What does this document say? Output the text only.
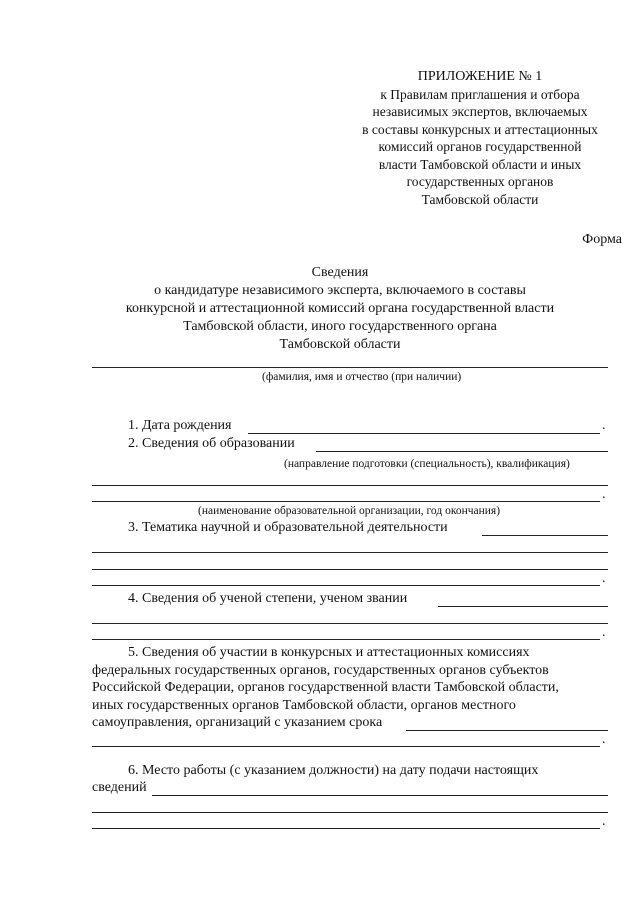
ПРИЛОЖЕНИЕ № 1
к Правилам приглашения и отбора
независимых экспертов, включаемых
в составы конкурсных и аттестационных
комиссий органов государственной
власти Тамбовской области и иных
государственных органов
Тамбовской области
Форма
Сведения
о кандидатуре независимого эксперта, включаемого в составы
конкурсной и аттестационной комиссий органа государственной власти
Тамбовской области, иного государственного органа
Тамбовской области
(фамилия, имя и отчество (при наличии)
1. Дата рождения	.
2. Сведения об образовании
(направление подготовки (специальность), квалификация)
.
(наименование образовательной организации, год окончания)
3. Тематика научной и образовательной деятельности
.
4. Сведения об ученой степени, ученом звании
.
5. Сведения об участии в конкурсных и аттестационных комиссиях
федеральных государственных органов, государственных органов субъектов
Российской Федерации, органов государственной власти Тамбовской области,
иных государственных органов Тамбовской области, органов местного
самоуправления, организаций с указанием срока
.
6. Место работы (с указанием должности) на дату подачи настоящих
сведений
.
